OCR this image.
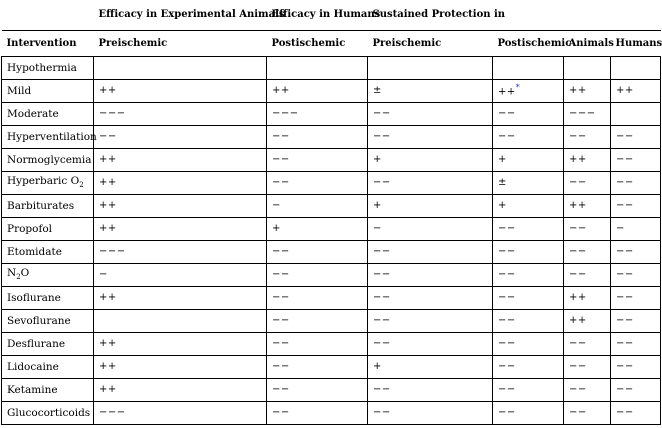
	Efficacy in Experimental Animals	Efficacy in Humans	Sustained Protection in			
Intervention	Preischemic	Postischemic	Preischemic	Postischemic	Animals	Humans
Hypothermia						
Mild	++	++	±	++*	++	++
Moderate	−−−	−−−	−−	−−	−−−	
Hyperventilation	−−	−−	−−	−−	−−	−−
Normoglycemia	++	−−	+	+	++	−−
Hyperbaric $O_2$	++	−−	−−	±	−−	−−
Barbiturates	++	−	+	+	++	−−
Propofol	++	+	−	−−	−−	−
Etomidate	−−−	−−	−−	−−	−−	−−
$N_2O$	−	−−	−−	−−	−−	−−
Isoflurane	++	−−	−−	−−	++	−−
Sevoflurane		−−	−−	−−	++	−−
Desflurane	++	−−	−−	−−	−−	−−
Lidocaine	++	−−	+	−−	−−	−−
Ketamine	++	−−	−−	−−	−−	−−
Glucocorticoids	−−−	−−	−−	−−	−−	−−
